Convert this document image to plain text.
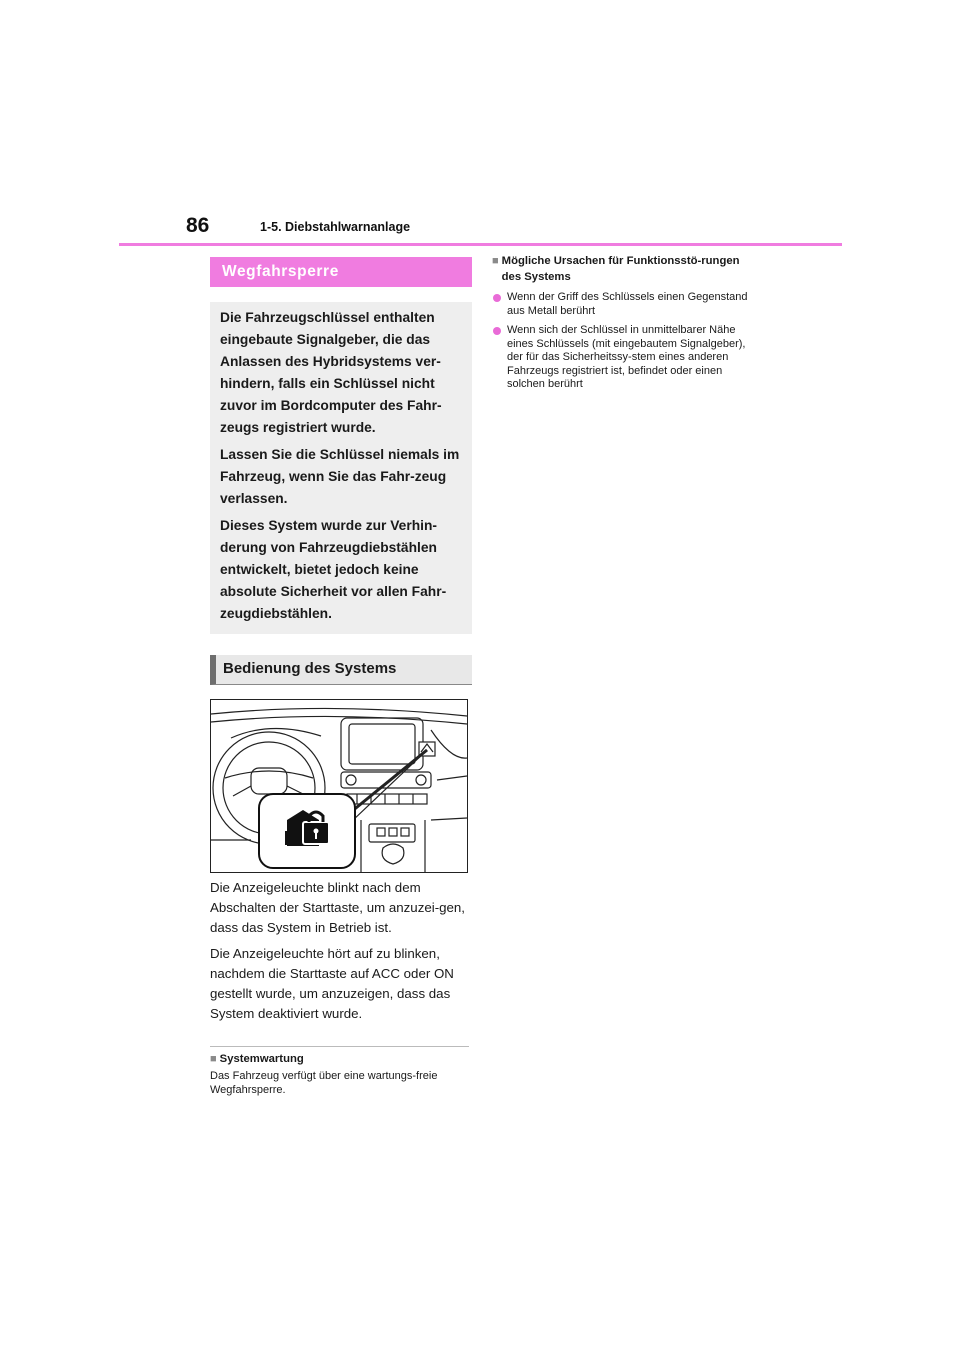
86	1-5. Diebstahlwarnanlage
Wegfahrsperre

Die Fahrzeugschlüssel enthalten eingebaute Signalgeber, die das Anlassen des Hybridsystems ver-hindern, falls ein Schlüssel nicht zuvor im Bordcomputer des Fahr-zeugs registriert wurde.

Lassen Sie die Schlüssel niemals im Fahrzeug, wenn Sie das Fahr-zeug verlassen.

Dieses System wurde zur Verhin-derung von Fahrzeugdiebstählen entwickelt, bietet jedoch keine absolute Sicherheit vor allen Fahr-zeugdiebstählen.

Bedienung des Systems

Die Anzeigeleuchte blinkt nach dem Abschalten der Starttaste, um anzuzei-gen, dass das System in Betrieb ist.

Die Anzeigeleuchte hört auf zu blinken, nachdem die Starttaste auf ACC oder ON gestellt wurde, um anzuzeigen, dass das System deaktiviert wurde.

■ Systemwartung
Das Fahrzeug verfügt über eine wartungs-freie Wegfahrsperre.
■ Mögliche Ursachen für Funktionsstö-rungen des Systems
Wenn der Griff des Schlüssels einen Gegenstand aus Metall berührt
Wenn sich der Schlüssel in unmittelbarer Nähe eines Schlüssels (mit eingebautem Signalgeber), der für das Sicherheitssy-stem eines anderen Fahrzeugs registriert ist, befindet oder einen solchen berührt
